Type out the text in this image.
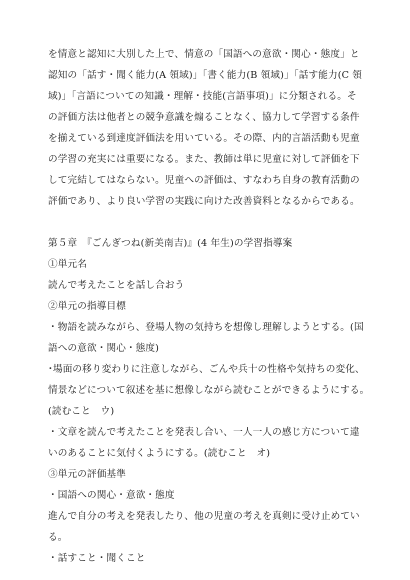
を情意と認知に大別した上で、情意の「国語への意欲・関心・態度」と
認知の「話す・聞く能力(A 領域)」「書く能力(B 領域)」「話す能力(C 領
域)」「言語についての知識・理解・技能(言語事項)」に分類される。そ
の評価方法は他者との競争意識を煽ることなく、協力して学習する条件
を揃えている到達度評価法を用いている。その際、内的言語活動も児童
の学習の充実には重要になる。また、教師は単に児童に対して評価を下
して完結してはならない。児童への評価は、すなわち自身の教育活動の
評価であり、より良い学習の実践に向けた改善資料となるからである。
第５章　『ごんぎつね(新美南吉)』(4 年生)の学習指導案
①単元名
読んで考えたことを話し合おう
②単元の指導目標
・物語を読みながら、登場人物の気持ちを想像し理解しようとする。(国
語への意欲・関心・態度)
･場面の移り変わりに注意しながら、ごんや兵十の性格や気持ちの変化、
情景などについて叙述を基に想像しながら読むことができるようにする。
(読むこと　ウ)
・文章を読んで考えたことを発表し合い、一人一人の感じ方について違
いのあることに気付くようにする。(読むこと　オ)
③単元の評価基準
・国語への関心・意欲・態度
進んで自分の考えを発表したり、他の児童の考えを真剣に受け止めてい
る。
・話すこと・聞くこと
